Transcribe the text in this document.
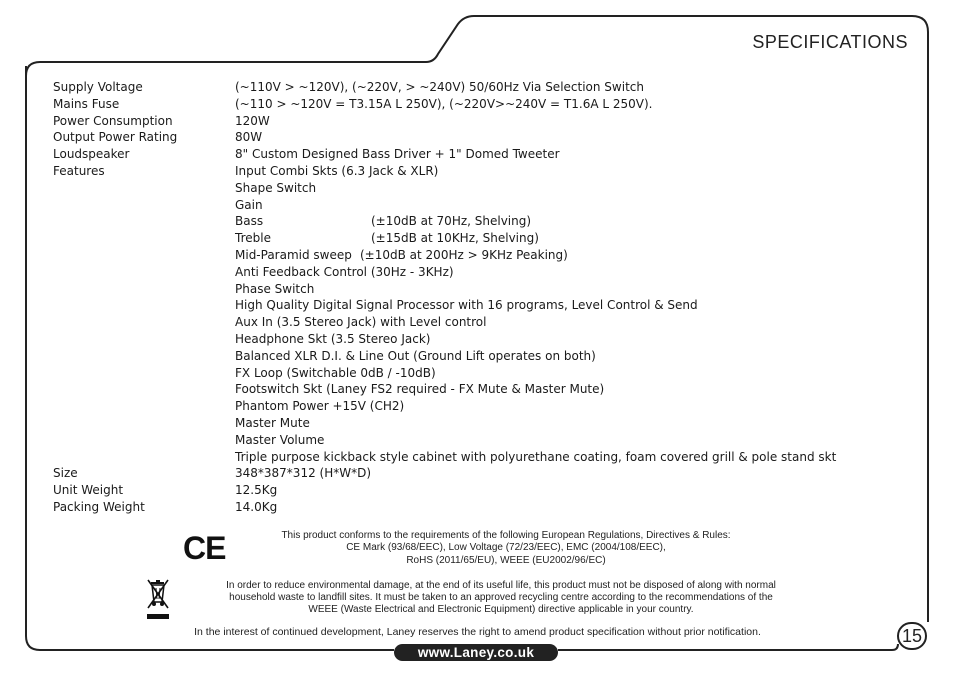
SPECIFICATIONS
Supply Voltage	(~110V > ~120V), (~220V, > ~240V) 50/60Hz Via Selection Switch
Mains Fuse	(~110 > ~120V = T3.15A L 250V), (~220V>~240V = T1.6A L 250V).
Power Consumption	120W
Output Power Rating	80W
Loudspeaker	8" Custom Designed Bass Driver + 1" Domed Tweeter
Features	Input Combi Skts (6.3 Jack & XLR)
Shape Switch
Gain
Bass	(±10dB at 70Hz, Shelving)
Treble	(±15dB at 10KHz, Shelving)
Mid-Paramid sweep (±10dB at 200Hz > 9KHz Peaking)
Anti Feedback Control (30Hz - 3KHz)
Phase Switch
High Quality Digital Signal Processor with 16 programs, Level Control & Send
Aux In (3.5 Stereo Jack) with Level control
Headphone Skt (3.5 Stereo Jack)
Balanced XLR D.I. & Line Out (Ground Lift operates on both)
FX Loop (Switchable 0dB / -10dB)
Footswitch Skt (Laney FS2 required - FX Mute & Master Mute)
Phantom Power +15V (CH2)
Master Mute
Master Volume
Triple purpose kickback style cabinet with polyurethane coating, foam covered grill & pole stand skt
Size	348*387*312 (H*W*D)
Unit Weight	12.5Kg
Packing Weight	14.0Kg
CE	This product conforms to the requirements of the following European Regulations, Directives & Rules:
CE Mark (93/68/EEC), Low Voltage (72/23/EEC), EMC (2004/108/EEC),
RoHS (2011/65/EU), WEEE (EU2002/96/EC)
In order to reduce environmental damage, at the end of its useful life, this product must not be disposed of along with normal
household waste to landfill sites. It must be taken to an approved recycling centre according to the recommendations of the
WEEE (Waste Electrical and Electronic Equipment) directive applicable in your country.
In the interest of continued development, Laney reserves the right to amend product specification without prior notification.	15
www.Laney.co.uk
